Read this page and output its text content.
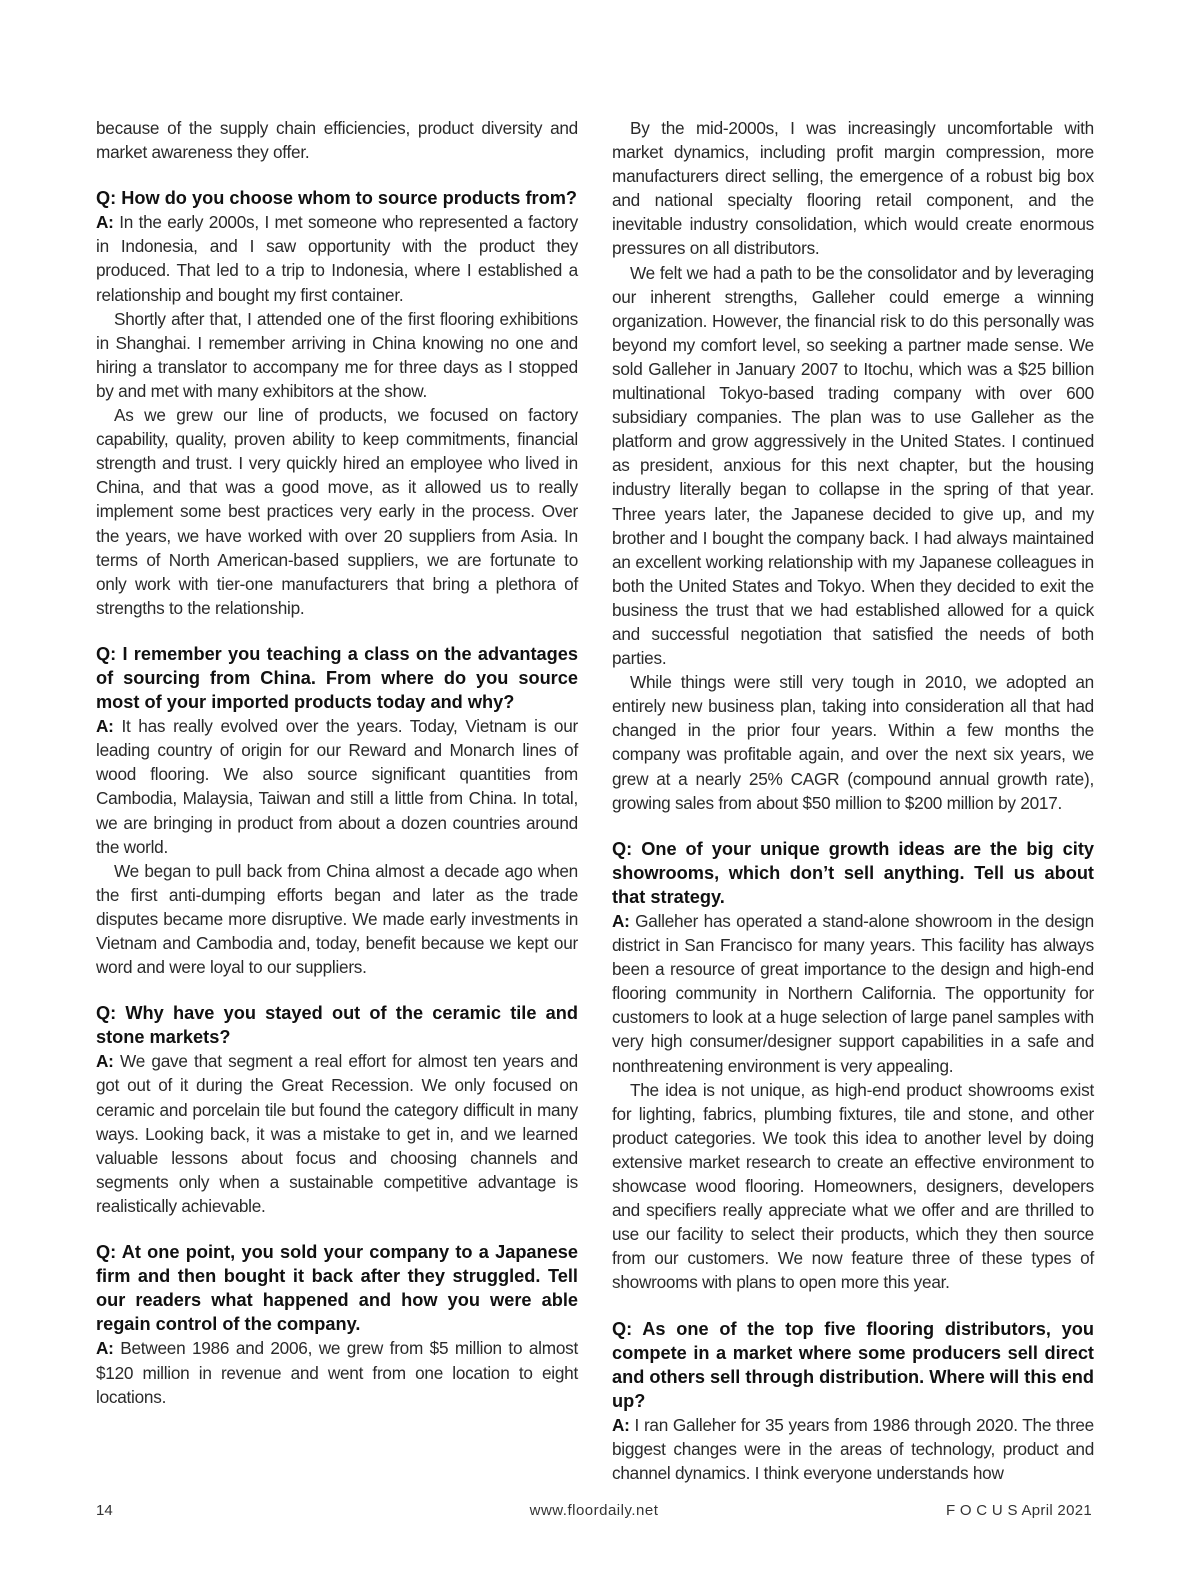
because of the supply chain efficiencies, product diversity and market awareness they offer.

Q: How do you choose whom to source products from?

A: In the early 2000s, I met someone who represented a factory in Indonesia, and I saw opportunity with the product they produced. That led to a trip to Indonesia, where I established a relationship and bought my first container.

Shortly after that, I attended one of the first flooring exhibitions in Shanghai. I remember arriving in China knowing no one and hiring a translator to accompany me for three days as I stopped by and met with many exhibitors at the show.

As we grew our line of products, we focused on factory capability, quality, proven ability to keep commitments, financial strength and trust. I very quickly hired an employee who lived in China, and that was a good move, as it allowed us to really implement some best practices very early in the process. Over the years, we have worked with over 20 suppliers from Asia. In terms of North American-based suppliers, we are fortunate to only work with tier-one manufacturers that bring a plethora of strengths to the relationship.

Q: I remember you teaching a class on the advantages of sourcing from China. From where do you source most of your imported products today and why?

A: It has really evolved over the years. Today, Vietnam is our leading country of origin for our Reward and Monarch lines of wood flooring. We also source significant quantities from Cambodia, Malaysia, Taiwan and still a little from China. In total, we are bringing in product from about a dozen countries around the world.

We began to pull back from China almost a decade ago when the first anti-dumping efforts began and later as the trade disputes became more disruptive. We made early investments in Vietnam and Cambodia and, today, benefit because we kept our word and were loyal to our suppliers.

Q: Why have you stayed out of the ceramic tile and stone markets?

A: We gave that segment a real effort for almost ten years and got out of it during the Great Recession. We only focused on ceramic and porcelain tile but found the category difficult in many ways. Looking back, it was a mistake to get in, and we learned valuable lessons about focus and choosing channels and segments only when a sustainable competitive advantage is realistically achievable.

Q: At one point, you sold your company to a Japanese firm and then bought it back after they struggled. Tell our readers what happened and how you were able regain control of the company.

A: Between 1986 and 2006, we grew from $5 million to almost $120 million in revenue and went from one location to eight locations.

By the mid-2000s, I was increasingly uncomfortable with market dynamics, including profit margin compression, more manufacturers direct selling, the emergence of a robust big box and national specialty flooring retail component, and the inevitable industry consolidation, which would create enormous pressures on all distributors.

We felt we had a path to be the consolidator and by leveraging our inherent strengths, Galleher could emerge a winning organization. However, the financial risk to do this personally was beyond my comfort level, so seeking a partner made sense. We sold Galleher in January 2007 to Itochu, which was a $25 billion multinational Tokyo-based trading company with over 600 subsidiary companies. The plan was to use Galleher as the platform and grow aggressively in the United States. I continued as president, anxious for this next chapter, but the housing industry literally began to collapse in the spring of that year. Three years later, the Japanese decided to give up, and my brother and I bought the company back. I had always maintained an excellent working relationship with my Japanese colleagues in both the United States and Tokyo. When they decided to exit the business the trust that we had established allowed for a quick and successful negotiation that satisfied the needs of both parties.

While things were still very tough in 2010, we adopted an entirely new business plan, taking into consideration all that had changed in the prior four years. Within a few months the company was profitable again, and over the next six years, we grew at a nearly 25% CAGR (compound annual growth rate), growing sales from about $50 million to $200 million by 2017.

Q: One of your unique growth ideas are the big city showrooms, which don’t sell anything. Tell us about that strategy.

A: Galleher has operated a stand-alone showroom in the design district in San Francisco for many years. This facility has always been a resource of great importance to the design and high-end flooring community in Northern California. The opportunity for customers to look at a huge selection of large panel samples with very high consumer/designer support capabilities in a safe and nonthreatening environment is very appealing.

The idea is not unique, as high-end product showrooms exist for lighting, fabrics, plumbing fixtures, tile and stone, and other product categories. We took this idea to another level by doing extensive market research to create an effective environment to showcase wood flooring. Homeowners, designers, developers and specifiers really appreciate what we offer and are thrilled to use our facility to select their products, which they then source from our customers. We now feature three of these types of showrooms with plans to open more this year.

Q: As one of the top five flooring distributors, you compete in a market where some producers sell direct and others sell through distribution. Where will this end up?

A: I ran Galleher for 35 years from 1986 through 2020. The three biggest changes were in the areas of technology, product and channel dynamics. I think everyone understands how

www.floordaily.net
14	F O C U S April 2021
